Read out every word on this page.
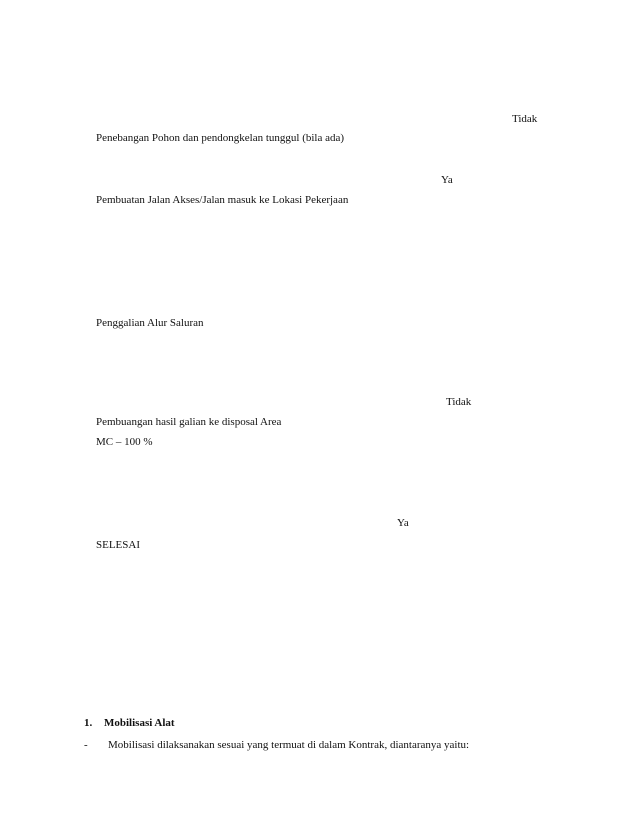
Tidak
Penebangan Pohon dan pendongkelan tunggul (bila ada)
Ya
Pembuatan Jalan Akses/Jalan masuk ke Lokasi Pekerjaan
Penggalian Alur Saluran
Tidak
Pembuangan hasil galian ke disposal Area
MC – 100 %
Ya
SELESAI
1. Mobilisasi Alat
- Mobilisasi dilaksanakan sesuai yang termuat di dalam Kontrak, diantaranya yaitu:
